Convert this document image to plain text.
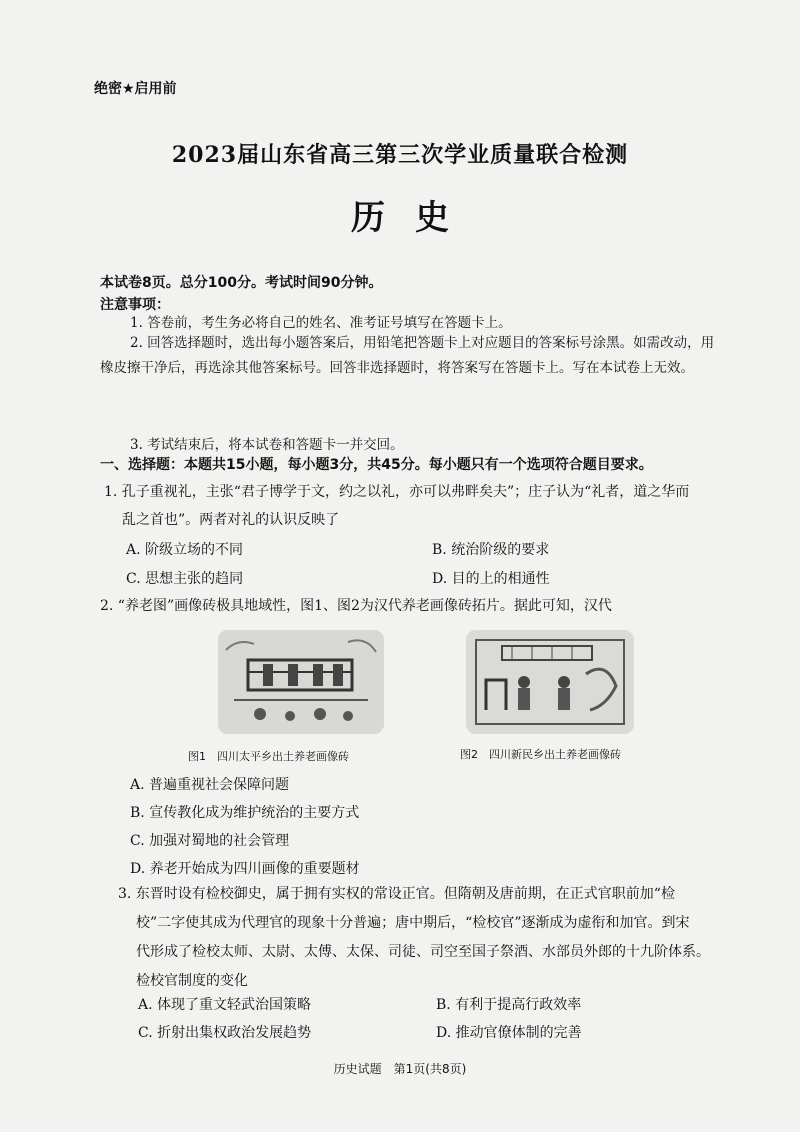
绝密★启用前
2023届山东省高三第三次学业质量联合检测
历史
本试卷8页。总分100分。考试时间90分钟。
注意事项：
1. 答卷前，考生务必将自己的姓名、准考证号填写在答题卡上。
2. 回答选择题时，选出每小题答案后，用铅笔把答题卡上对应题目的答案标号涂黑。如需改动，用橡皮擦干净后，再选涂其他答案标号。回答非选择题时，将答案写在答题卡上。写在本试卷上无效。
3. 考试结束后，将本试卷和答题卡一并交回。
一、选择题：本题共15小题，每小题3分，共45分。每小题只有一个选项符合题目要求。
1. 孔子重视礼，主张“君子博学于文，约之以礼，亦可以弗畔矣夫”；庄子认为“礼者，道之华而
乱之首也”。两者对礼的认识反映了
A. 阶级立场的不同	B. 统治阶级的要求
C. 思想主张的趋同	D. 目的上的相通性
2. “养老图”画像砖极具地域性，图1、图2为汉代养老画像砖拓片。据此可知，汉代
图1　四川太平乡出土养老画像砖	图2　四川新民乡出土养老画像砖
A. 普遍重视社会保障问题
B. 宣传教化成为维护统治的主要方式
C. 加强对蜀地的社会管理
D. 养老开始成为四川画像的重要题材
3. 东晋时设有检校御史，属于拥有实权的常设正官。但隋朝及唐前期，在正式官职前加“检
校”二字使其成为代理官的现象十分普遍；唐中期后，“检校官”逐渐成为虚衔和加官。到宋
代形成了检校太师、太尉、太傅、太保、司徒、司空至国子祭酒、水部员外郎的十九阶体系。
检校官制度的变化
A. 体现了重文轻武治国策略	B. 有利于提高行政效率
C. 折射出集权政治发展趋势	D. 推动官僚体制的完善
历史试题　第1页(共8页)
